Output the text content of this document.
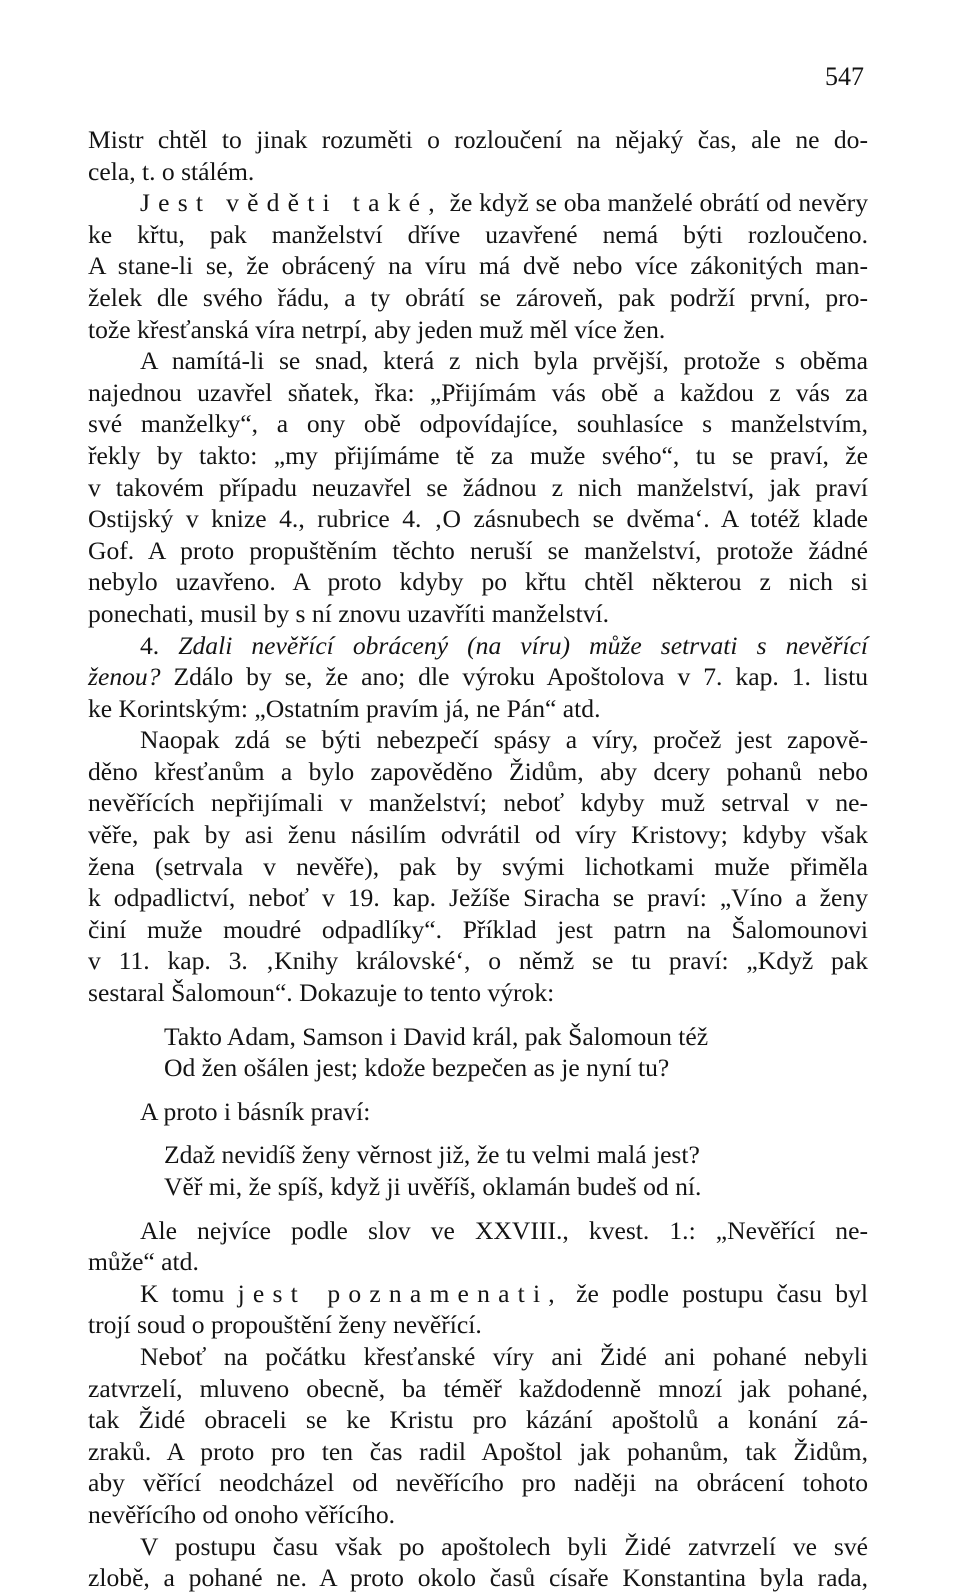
547
Mistr chtěl to jinak rozuměti o rozloučení na nějaký čas, ale ne do-
cela, t. o stálém.
Jest věděti také, že když se oba manželé obrátí od nevěry
ke křtu, pak manželství dříve uzavřené nemá býti rozloučeno.
A stane-li se, že obrácený na víru má dvě nebo více zákonitých man-
želek dle svého řádu, a ty obrátí se zároveň, pak podrží první, pro-
tože křesťanská víra netrpí, aby jeden muž měl více žen.
A namítá-li se snad, která z nich byla prvější, protože s oběma
najednou uzavřel sňatek, řka: „Přijímám vás obě a každou z vás za
své manželky“, a ony obě odpovídajíce, souhlasíce s manželstvím,
řekly by takto: „my přijímáme tě za muže svého“, tu se praví, že
v takovém případu neuzavřel se žádnou z nich manželství, jak praví
Ostijský v knize 4., rubrice 4. ‚O zásnubech se dvěma‘. A totéž klade
Gof. A proto propuštěním těchto neruší se manželství, protože žádné
nebylo uzavřeno. A proto kdyby po křtu chtěl některou z nich si
ponechati, musil by s ní znovu uzavříti manželství.
4. Zdali nevěřící obrácený (na víru) může setrvati s nevěřící
ženou? Zdálo by se, že ano; dle výroku Apoštolova v 7. kap. 1. listu
ke Korintským: „Ostatním pravím já, ne Pán“ atd.
Naopak zdá se býti nebezpečí spásy a víry, pročež jest zapově-
děno křesťanům a bylo zapověděno Židům, aby dcery pohanů nebo
nevěřících nepřijímali v manželství; neboť kdyby muž setrval v ne-
věře, pak by asi ženu násilím odvrátil od víry Kristovy; kdyby však
žena (setrvala v nevěře), pak by svými lichotkami muže přiměla
k odpadlictví, neboť v 19. kap. Ježíše Siracha se praví: „Víno a ženy
činí muže moudré odpadlíky“. Příklad jest patrn na Šalomounovi
v 11. kap. 3. ‚Knihy královské‘, o němž se tu praví: „Když pak
sestaral Šalomoun“. Dokazuje to tento výrok:
Takto Adam, Samson i David král, pak Šalomoun též
Od žen ošálen jest; kdože bezpečen as je nyní tu?
A proto i básník praví:
Zdaž nevidíš ženy věrnost již, že tu velmi malá jest?
Věř mi, že spíš, když ji uvěříš, oklamán budeš od ní.
Ale nejvíce podle slov ve XXVIII., kvest. 1.: „Nevěřící ne-
může“ atd.
K tomu jest poznamenati, že podle postupu času byl
trojí soud o propouštění ženy nevěřící.
Neboť na počátku křesťanské víry ani Židé ani pohané nebyli
zatvrzelí, mluveno obecně, ba téměř každodenně mnozí jak pohané,
tak Židé obraceli se ke Kristu pro kázání apoštolů a konání zá-
zraků. A proto pro ten čas radil Apoštol jak pohanům, tak Židům,
aby věřící neodcházel od nevěřícího pro naději na obrácení tohoto
nevěřícího od onoho věřícího.
V postupu času však po apoštolech byli Židé zatvrzelí ve své
zlobě, a pohané ne. A proto okolo časů císaře Konstantina byla rada,
